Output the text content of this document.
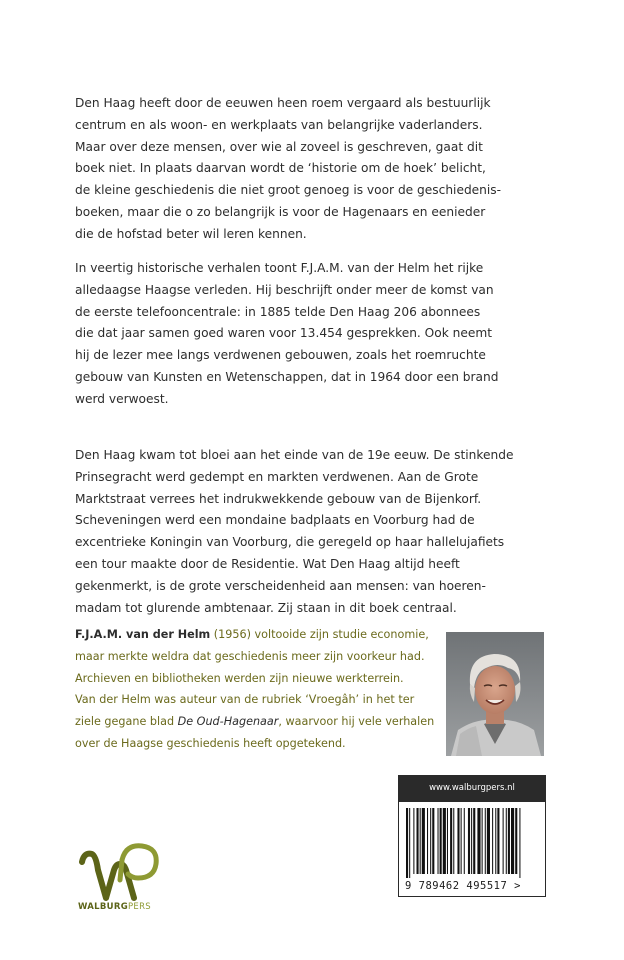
Den Haag heeft door de eeuwen heen roem vergaard als bestuurlijk
centrum en als woon- en werkplaats van belangrijke vaderlanders.
Maar over deze mensen, over wie al zoveel is geschreven, gaat dit
boek niet. In plaats daarvan wordt de ‘historie om de hoek’ belicht,
de kleine geschiedenis die niet groot genoeg is voor de geschiedenis-
boeken, maar die o zo belangrijk is voor de Hagenaars en eenieder
die de hofstad beter wil leren kennen.
In veertig historische verhalen toont F.J.A.M. van der Helm het rijke
alledaagse Haagse verleden. Hij beschrijft onder meer de komst van
de eerste telefooncentrale: in 1885 telde Den Haag 206 abonnees
die dat jaar samen goed waren voor 13.454 gesprekken. Ook neemt
hij de lezer mee langs verdwenen gebouwen, zoals het roemruchte
gebouw van Kunsten en Wetenschappen, dat in 1964 door een brand
werd verwoest.
Den Haag kwam tot bloei aan het einde van de 19e eeuw. De stinkende
Prinsegracht werd gedempt en markten verdwenen. Aan de Grote
Marktstraat verrees het indrukwekkende gebouw van de Bijenkorf.
Scheveningen werd een mondaine badplaats en Voorburg had de
excentrieke Koningin van Voorburg, die geregeld op haar hallelujafiets
een tour maakte door de Residentie. Wat Den Haag altijd heeft
gekenmerkt, is de grote verscheidenheid aan mensen: van hoeren-
madam tot glurende ambtenaar. Zij staan in dit boek centraal.
F.J.A.M. van der Helm (1956) voltooide zijn studie economie,
maar merkte weldra dat geschiedenis meer zijn voorkeur had.
Archieven en bibliotheken werden zijn nieuwe werkterrein.
Van der Helm was auteur van de rubriek ‘Vroegâh’ in het ter
ziele gegane blad De Oud-Hagenaar, waarvoor hij vele verhalen
over de Haagse geschiedenis heeft opgetekend.
www.walburgpers.nl
9 789462 495517 >
WALBURGPERS
